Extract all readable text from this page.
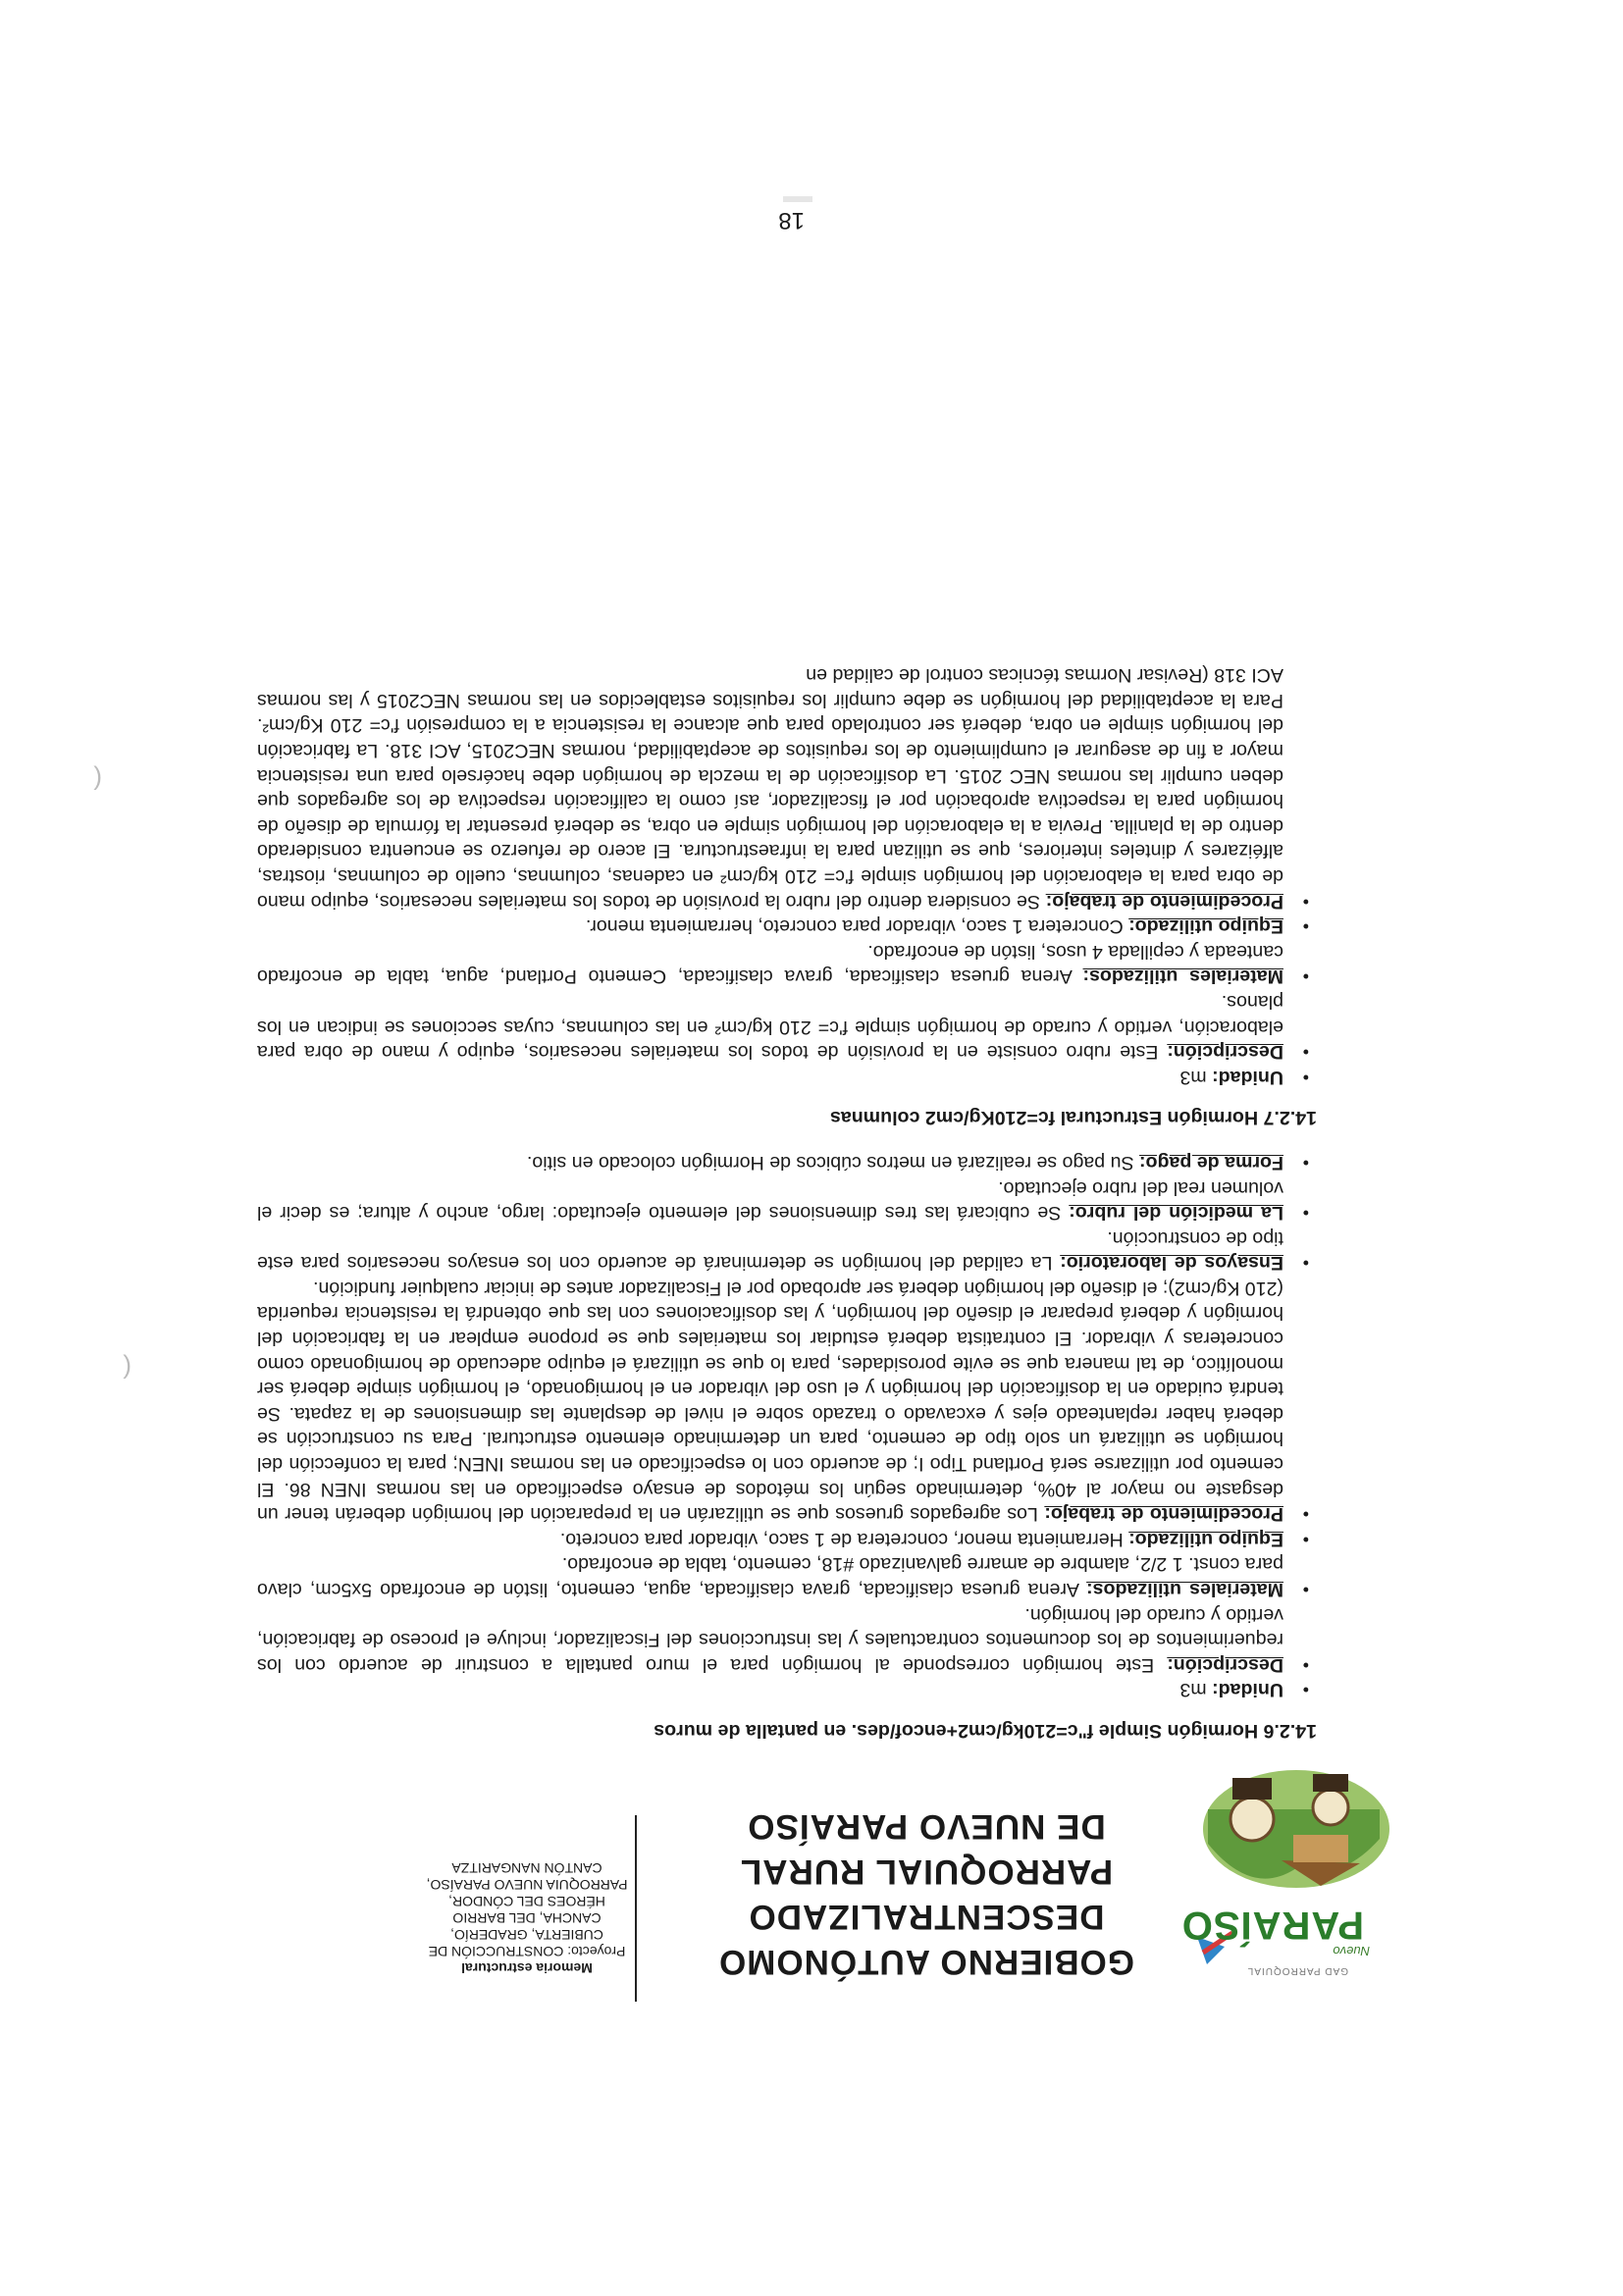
GAD PARROQUIAL
Nuevo
PARAÍSO
GOBIERNO AUTÓNOMO
DESCENTRALIZADO PARROQUIAL RURAL
DE NUEVO PARAÍSO
Memoria estructural
Proyecto: CONSTRUCCIÓN DE CUBIERTA, GRADERÍO, CANCHA, DEL BARRIO HÉROES DEL CÓNDOR, PARROQUIA NUEVO PARAÍSO, CANTÓN NANGARITZA
14.2.6 Hormigón Simple f"c=210kg/cm2+encof/des. en pantalla de muros
• Unidad: m3
• Descripción: Este hormigón corresponde al hormigón para el muro pantalla a construir de acuerdo con los requerimientos de los documentos contractuales y las instrucciones del Fiscalizador, incluye el proceso de fabricación, vertido y curado del hormigón.
• Materiales utilizados: Arena gruesa clasificada, grava clasificada, agua, cemento, listón de encofrado 5x5cm, clavo para const. 1 2/2, alambre de amarre galvanizado #18, cemento, tabla de encofrado.
• Equipo utilizado: Herramienta menor, concretera de 1 saco, vibrador para concreto.
• Procedimiento de trabajo: Los agregados gruesos que se utilizarán en la preparación del hormigón deberán tener un desgaste no mayor al 40%, determinado según los métodos de ensayo especificado en las normas INEN 86. El cemento por utilizarse será Portland Tipo I; de acuerdo con lo especificado en las normas INEN; para la confección del hormigón se utilizará un solo tipo de cemento, para un determinado elemento estructural. Para su construcción se deberá haber replanteado ejes y excavado o trazado sobre el nivel de desplante las dimensiones de la zapata. Se tendrá cuidado en la dosificación del hormigón y el uso del vibrador en el hormigonado, el hormigón simple deberá ser monolítico, de tal manera que se evite porosidades, para lo que se utilizará el equipo adecuado de hormigonado como concreteras y vibrador. El contratista deberá estudiar los materiales que se propone emplear en la fabricación del hormigón y deberá preparar el diseño del hormigón, y las dosificaciones con las que obtendrá la resistencia requerida (210 Kg/cm2); el diseño del hormigón deberá ser aprobado por el Fiscalizador antes de iniciar cualquier fundición.
• Ensayos de laboratorio: La calidad del hormigón se determinará de acuerdo con los ensayos necesarios para este tipo de construcción.
• La medición del rubro: Se cubicará las tres dimensiones del elemento ejecutado: largo, ancho y altura; es decir el volumen real del rubro ejecutado.
• Forma de pago: Su pago se realizará en metros cúbicos de Hormigón colocado en sitio.
14.2.7 Hormigón Estructural fc=210Kg/cm2 columnas
• Unidad: m3
• Descripción: Este rubro consiste en la provisión de todos los materiales necesarios, equipo y mano de obra para elaboración, vertido y curado de hormigón simple f'c= 210 kg/cm² en las columnas, cuyas secciones se indican en los planos.
• Materiales utilizados: Arena gruesa clasificada, grava clasificada, Cemento Portland, agua, tabla de encofrado canteada y cepillada 4 usos, listón de encofrado.
• Equipo utilizado: Concretera 1 saco, vibrador para concreto, herramienta menor.
• Procedimiento de trabajo: Se considera dentro del rubro la provisión de todos los materiales necesarios, equipo mano de obra para la elaboración del hormigón simple f'c= 210 kg/cm² en cadenas, columnas, cuello de columnas, riostras, alféizares y dinteles interiores, que se utilizan para la infraestructura. El acero de refuerzo se encuentra considerado dentro de la planilla. Previa a la elaboración del hormigón simple en obra, se deberá presentar la fórmula de diseño de hormigón para la respectiva aprobación por el fiscalizador, así como la calificación respectiva de los agregados que deben cumplir las normas NEC 2015. La dosificación de la mezcla de hormigón debe hacérselo para una resistencia mayor a fin de asegurar el cumplimiento de los requisitos de aceptabilidad, normas NEC2015, ACI 318. La fabricación del hormigón simple en obra, deberá ser controlado para que alcance la resistencia a la compresión f'c= 210 Kg/cm². Para la aceptabilidad del hormigón se debe cumplir los requisitos establecidos en las normas NEC2015 y las normas ACI 318 (Revisar Normas técnicas control de calidad en
18
(
(
